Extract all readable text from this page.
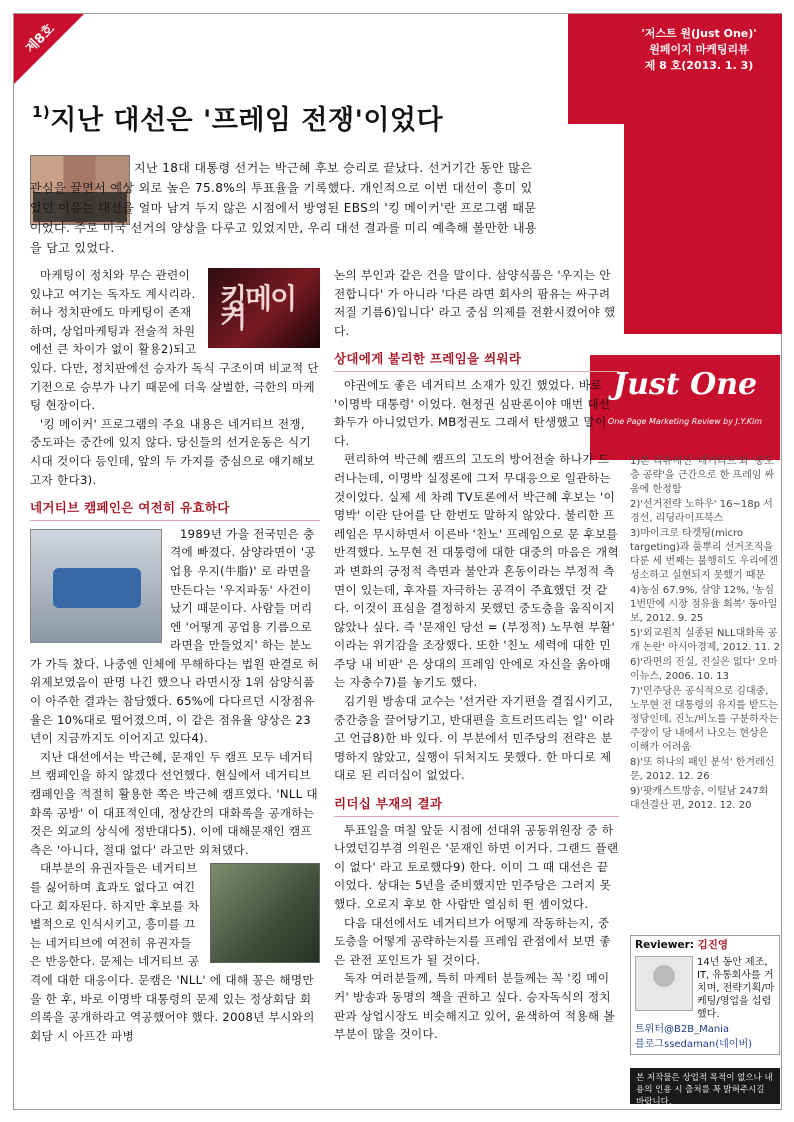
제8호	'저스트 원(Just One)'
원페이지 마케팅리뷰
제 8 호(2013. 1. 3)
Just One
One Page Marketing Review by J.Y.Kim
$^{1)}$지난 대선은 '프레임 전쟁'이었다

지난 18대 대통령 선거는 박근혜 후보 승리로 끝났다. 선거기간 동안 많은 관심을 끌면서 예상 외로 높은 75.8%의 투표율을 기록했다. 개인적으로 이번 대선이 흥미 있었던 이유는 대선을 얼마 남겨 두지 않은 시점에서 방영된 EBS의 '킹 메이커'란 프로그램 때문이었다. 주로 미국 선거의 양상을 다루고 있었지만, 우리 대선 결과를 미리 예측해 볼만한 내용을 담고 있었다.

킹메이커

마케팅이 정치와 무슨 관련이 있냐고 여기는 독자도 계시리라. 허나 정치판에도 마케팅이 존재하며, 상업마케팅과 전술적 차원에선 큰 차이가 없이 활용2)되고 있다. 다만, 정치판에선 승자가 독식 구조이며 비교적 단기전으로 승부가 나기 때문에 더욱 살벌한, 극한의 마케팅 현장이다.

'킹 메이커' 프로그램의 주요 내용은 네거티브 전쟁, 중도파는 중간에 있지 않다. 당신들의 선거운동은 식기시대 것이다 등인데, 앞의 두 가지를 중심으로 얘기해보고자 한다3).

네거티브 캠페인은 여전히 유효하다

1989년 가을 전국민은 충격에 빠졌다. 삼양라면이 '공업용 우지(牛脂)' 로 라면을 만든다는 '우지파동' 사건이 났기 때문이다. 사람들 머리엔 '어떻게 공업용 기름으로 라면을 만들었지' 하는 분노가 가득 찼다. 나중엔 인체에 무해하다는 법원 판결로 허위제보였음이 판명 나긴 했으나 라면시장 1위 삼양식품이 아주한 결과는 참담했다. 65%에 다다르던 시장점유율은 10%대로 떨어졌으며, 이 같은 점유율 양상은 23년이 지금까지도 이어지고 있다4).

지난 대선에서는 박근혜, 문재인 두 캠프 모두 네거티브 캠페인을 하지 않겠다 선언했다. 현실에서 네거티브 캠페인을 적절히 활용한 쪽은 박근혜 캠프였다. 'NLL 대화록 공방' 이 대표적인데, 정상간의 대화록을 공개하는 것은 외교의 상식에 정반대다5). 이에 대해문재인 캠프 측은 '아니다, 절대 없다' 라고만 외쳐댔다.

대부분의 유권자들은 네거티브를 싫어하며 효과도 없다고 여긴다고 회자된다. 하지만 후보를 차별적으로 인식시키고, 흥미를 끄는 네거티브에 여전히 유권자들은 반응한다. 문제는 네거티브 공격에 대한 대응이다. 문캠은 'NLL' 에 대해 꽁은 해명만을 한 후, 바로 이명박 대통령의 문제 있는 정상회담 회의록을 공개하라고 역공했어야 했다. 2008년 부시와의 회담 시 아프간 파병

논의 부인과 같은 건을 말이다. 삼양식품은 '우지는 안전합니다' 가 아니라 '다른 라면 회사의 팜유는 싸구려 저질 기름6)입니다' 라고 중심 의제를 전환시켰어야 했다.

상대에게 불리한 프레임을 씌워라

야권에도 좋은 네거티브 소재가 있긴 했었다. 바로 '이명박 대통령' 이었다. 현정권 심판론이야 매번 대선 화두가 아니었던가. MB정권도 그래서 탄생했고 말이다.

편리하여 박근혜 캠프의 고도의 방어전술 하나가 드러나는데, 이명박 실정론에 그저 무대응으로 일관하는 것이었다. 실제 세 차례 TV토론에서 박근혜 후보는 '이명박' 이란 단어를 단 한번도 말하지 않았다. 불리한 프레임은 무시하면서 이른바 '친노' 프레임으로 문 후보를 반격했다. 노무현 전 대통령에 대한 대중의 마음은 개혁과 변화의 긍정적 측면과 불안과 혼동이라는 부정적 측면이 있는데, 후자를 자극하는 공격이 주효했던 것 같다. 이것이 표심을 결정하지 못했던 중도층을 움직이지 않았나 싶다. 즉 '문재인 당선 = (부정적) 노무현 부활' 이라는 위기감을 조장했다. 또한 '친노 세력에 대한 민주당 내 비판' 은 상대의 프레임 안에로 자신을 옭아매는 자충수7)를 놓기도 했다.

김기원 방송대 교수는 '선거란 자기편을 결집시키고, 중간층을 끌어당기고, 반대편을 흐트러뜨리는 일' 이라고 언급8)한 바 있다. 이 부분에서 민주당의 전략은 분명하지 않았고, 실행이 뒤처지도 못했다. 한 마디로 제대로 된 리더십이 없었다.

리더십 부재의 결과

투표일을 며칠 앞둔 시점에 선대위 공동위원장 중 하나였던김부겸 의원은 '문재인 하면 이거다. 그랜드 플랜이 없다' 라고 토로했다9) 한다. 이미 그 때 대선은 끝이었다. 상대는 5년을 준비했지만 민주당은 그러지 못했다. 오로지 후보 한 사람만 열심히 뛴 셈이었다.

다음 대선에서도 네거티브가 어떻게 작동하는지, 중도층을 어떻게 공략하는지를 프레임 관점에서 보면 좋은 관전 포인트가 될 것이다.

독자 여러분들께, 특히 마케터 분들께는 꼭 '킹 메이커' 방송과 동명의 책을 권하고 싶다. 승자독식의 정치판과 상업시장도 비슷해지고 있어, 윤색하여 적용해 볼 부분이 많을 것이다.

1)본 리뷰에선 '네거티브'와 '중도층 공략'을 근간으로 한 프레임 싸움에 한정함
2)'선거전략 노하우' 16~18p 서경선, 리딩라이프북스
3)마이크로 타겟팅(micro targeting)과 풀뿌리 선거조직을 다룬 세 번째는 불행히도 우리에겐 성소하고 실현되지 못했기 때문
4)농심 67.9%, 삼양 12%, '농심 1번만에 시장 점유율 회복' 동아일보, 2012. 9. 25
5)'외교원칙 실종된 NLL대화록 공개 논란' 아시아경제, 2012. 11. 2
6)'라면의 진실, 진실은 없다' 오마이뉴스, 2006. 10. 13
7)'민주당은 공식적으로 김대중, 노무현 전 대통령의 유지를 받드는 정당인데, 진노/비노를 구분하자는 주장이 당 내에서 나오는 현상은 이해가 어려움
8)'또 하나의 패인 분석' 한겨레신문, 2012. 12. 26
9)'팟캐스트방송, 이털남 247회 대선결산 편, 2012. 12. 20
Reviewer: 김진영
14년 동안 제조, IT, 유통회사를 거치며, 전략기획/마케팅/영업을 섭렵했다.
트위터@B2B_Mania
블로그ssedaman(네이버)
본 저작물은 상업적 목적이 없으나 내용의 인용 시 출처를 꼭 밝혀주시길 바랍니다.
